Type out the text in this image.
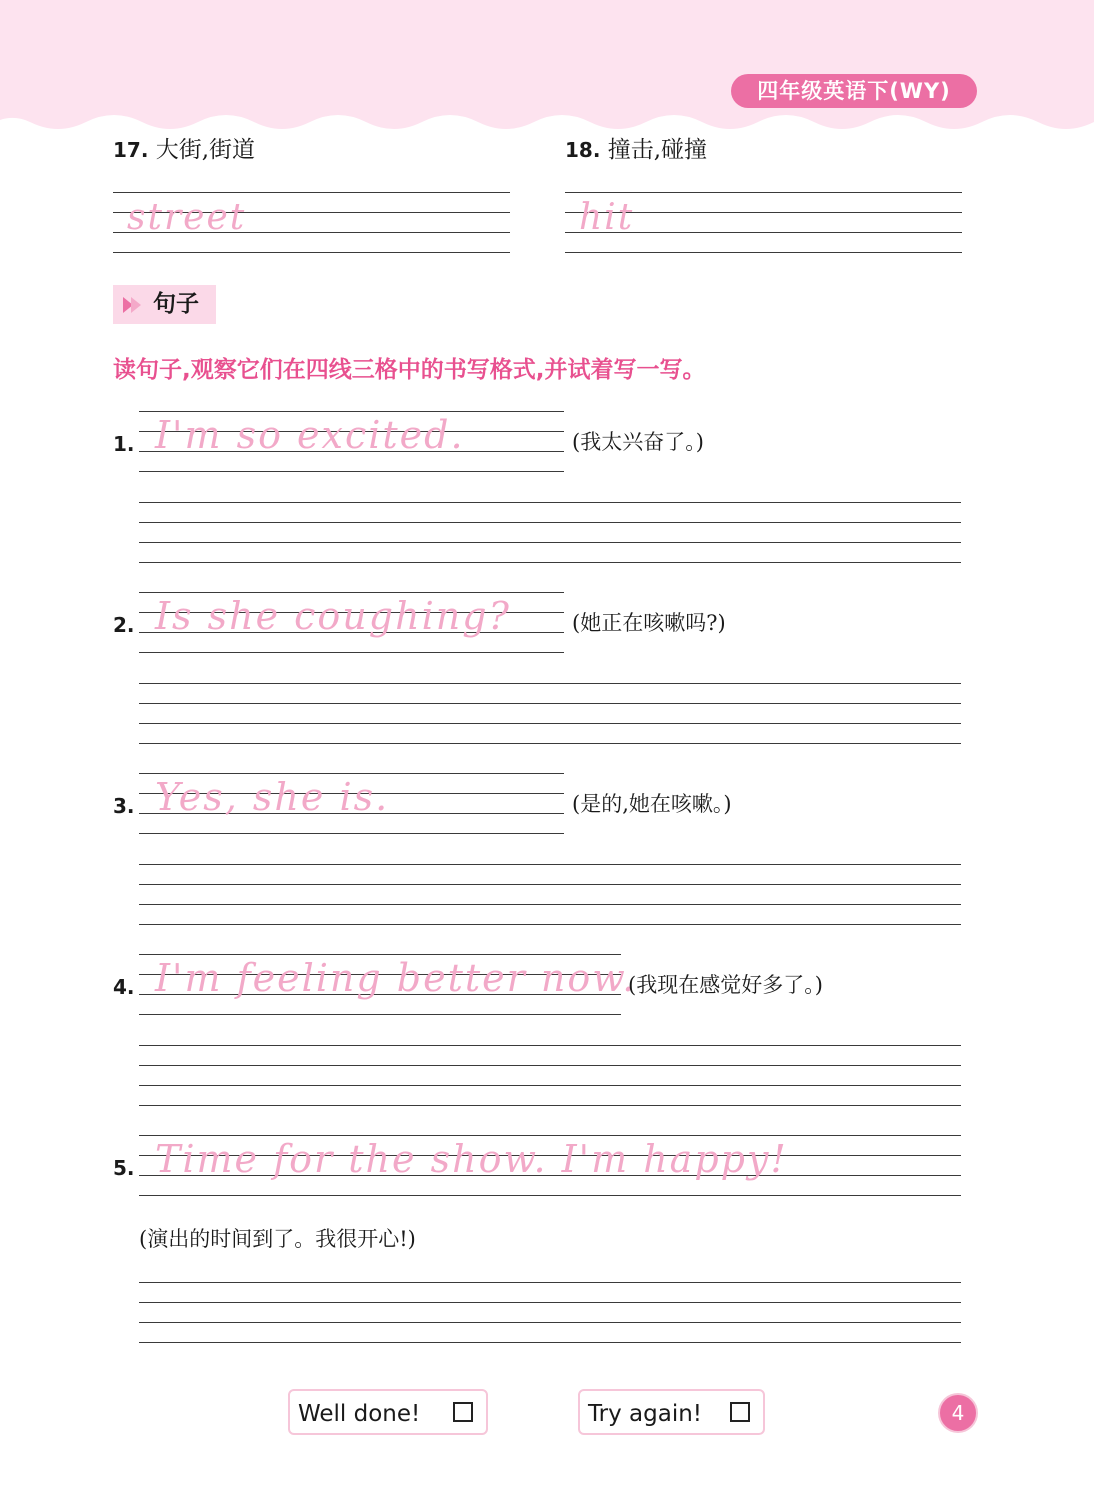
四年级英语下(WY)
17. 大街,街道
street
18. 撞击,碰撞
hit
句子
读句子,观察它们在四线三格中的书写格式,并试着写一写。
1. I'm so excited.	(我太兴奋了。)
2. Is she coughing?	(她正在咳嗽吗?)
3. Yes, she is.	(是的,她在咳嗽。)
4. I'm feeling better now.
(我现在感觉好多了。)
5. Time for the show. I'm happy!
(演出的时间到了。我很开心!)
Well done!	Try again!	4
